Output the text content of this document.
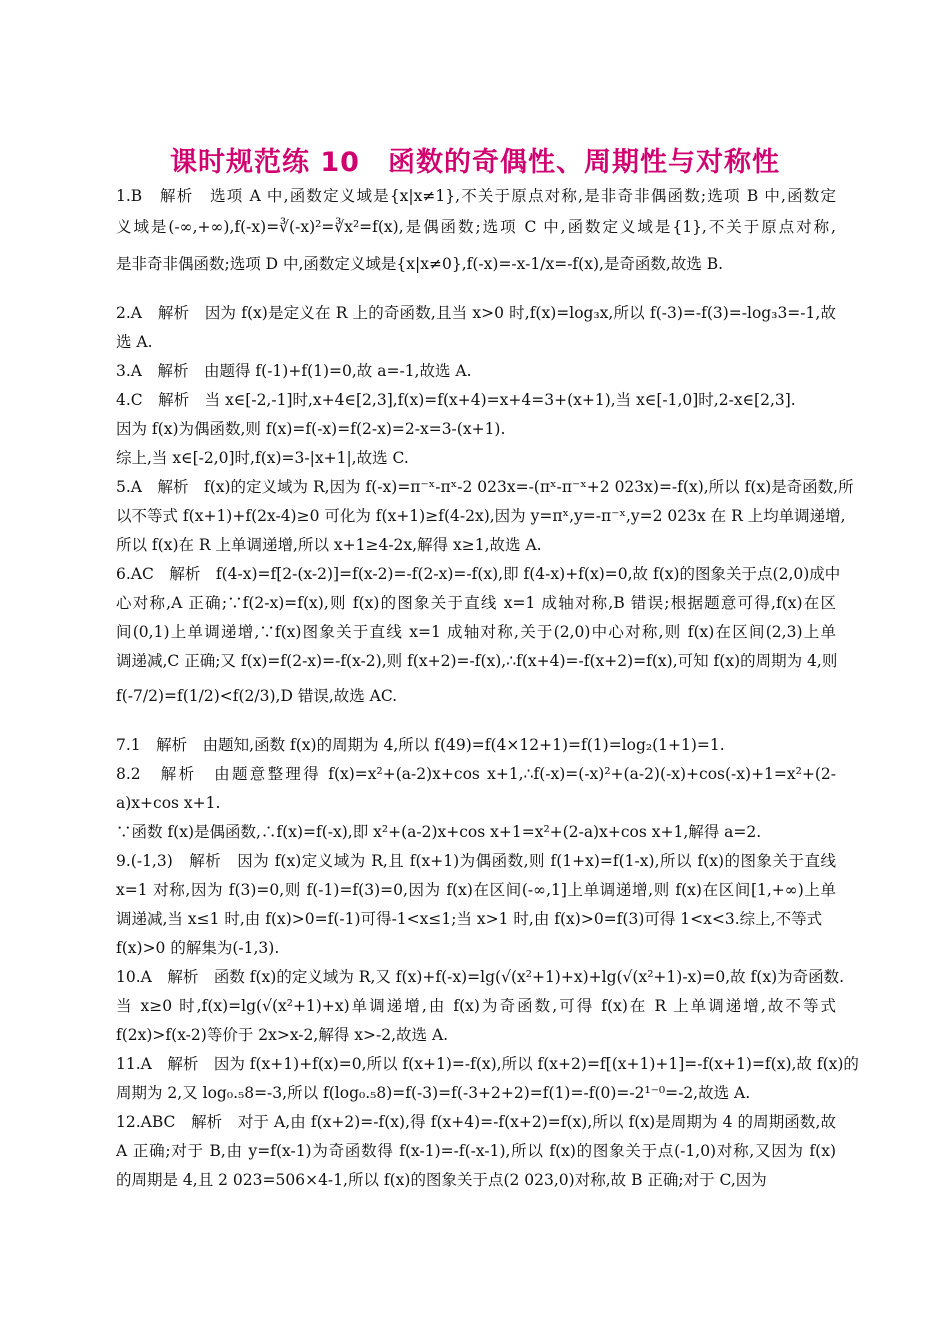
课时规范练 10　函数的奇偶性、周期性与对称性
1.B　解析　选项 A 中,函数定义域是{x|x≠1},不关于原点对称,是非奇非偶函数;选项 B 中,函数定
义域是(-∞,+∞),f(-x)=∛(-x)²=∛x²=f(x),是偶函数;选项 C 中,函数定义域是{1},不关于原点对称,
是非奇非偶函数;选项 D 中,函数定义域是{x|x≠0},f(-x)=-x-1/x=-f(x),是奇函数,故选 B.
2.A　解析　因为 f(x)是定义在 R 上的奇函数,且当 x>0 时,f(x)=log₃x,所以 f(-3)=-f(3)=-log₃3=-1,故
选 A.
3.A　解析　由题得 f(-1)+f(1)=0,故 a=-1,故选 A.
4.C　解析　当 x∈[-2,-1]时,x+4∈[2,3],f(x)=f(x+4)=x+4=3+(x+1),当 x∈[-1,0]时,2-x∈[2,3].
因为 f(x)为偶函数,则 f(x)=f(-x)=f(2-x)=2-x=3-(x+1).
综上,当 x∈[-2,0]时,f(x)=3-|x+1|,故选 C.
5.A　解析　f(x)的定义域为 R,因为 f(-x)=π⁻ˣ-πˣ-2 023x=-(πˣ-π⁻ˣ+2 023x)=-f(x),所以 f(x)是奇函数,所
以不等式 f(x+1)+f(2x-4)≥0 可化为 f(x+1)≥f(4-2x),因为 y=πˣ,y=-π⁻ˣ,y=2 023x 在 R 上均单调递增,
所以 f(x)在 R 上单调递增,所以 x+1≥4-2x,解得 x≥1,故选 A.
6.AC　解析　f(4-x)=f[2-(x-2)]=f(x-2)=-f(2-x)=-f(x),即 f(4-x)+f(x)=0,故 f(x)的图象关于点(2,0)成中
心对称,A 正确;∵f(2-x)=f(x),则 f(x)的图象关于直线 x=1 成轴对称,B 错误;根据题意可得,f(x)在区
间(0,1)上单调递增,∵f(x)图象关于直线 x=1 成轴对称,关于(2,0)中心对称,则 f(x)在区间(2,3)上单
调递减,C 正确;又 f(x)=f(2-x)=-f(x-2),则 f(x+2)=-f(x),∴f(x+4)=-f(x+2)=f(x),可知 f(x)的周期为 4,则
f(-7/2)=f(1/2)<f(2/3),D 错误,故选 AC.
7.1　解析　由题知,函数 f(x)的周期为 4,所以 f(49)=f(4×12+1)=f(1)=log₂(1+1)=1.
8.2　解析　由题意整理得 f(x)=x²+(a-2)x+cos x+1,∴f(-x)=(-x)²+(a-2)(-x)+cos(-x)+1=x²+(2-
a)x+cos x+1.
∵函数 f(x)是偶函数,∴f(x)=f(-x),即 x²+(a-2)x+cos x+1=x²+(2-a)x+cos x+1,解得 a=2.
9.(-1,3)　解析　因为 f(x)定义域为 R,且 f(x+1)为偶函数,则 f(1+x)=f(1-x),所以 f(x)的图象关于直线
x=1 对称,因为 f(3)=0,则 f(-1)=f(3)=0,因为 f(x)在区间(-∞,1]上单调递增,则 f(x)在区间[1,+∞)上单
调递减,当 x≤1 时,由 f(x)>0=f(-1)可得-1<x≤1;当 x>1 时,由 f(x)>0=f(3)可得 1<x<3.综上,不等式
f(x)>0 的解集为(-1,3).
10.A　解析　函数 f(x)的定义域为 R,又 f(x)+f(-x)=lg(√(x²+1)+x)+lg(√(x²+1)-x)=0,故 f(x)为奇函数.
当 x≥0 时,f(x)=lg(√(x²+1)+x)单调递增,由 f(x)为奇函数,可得 f(x)在 R 上单调递增,故不等式
f(2x)>f(x-2)等价于 2x>x-2,解得 x>-2,故选 A.
11.A　解析　因为 f(x+1)+f(x)=0,所以 f(x+1)=-f(x),所以 f(x+2)=f[(x+1)+1]=-f(x+1)=f(x),故 f(x)的
周期为 2,又 log₀.₅8=-3,所以 f(log₀.₅8)=f(-3)=f(-3+2+2)=f(1)=-f(0)=-2¹⁻⁰=-2,故选 A.
12.ABC　解析　对于 A,由 f(x+2)=-f(x),得 f(x+4)=-f(x+2)=f(x),所以 f(x)是周期为 4 的周期函数,故
A 正确;对于 B,由 y=f(x-1)为奇函数得 f(x-1)=-f(-x-1),所以 f(x)的图象关于点(-1,0)对称,又因为 f(x)
的周期是 4,且 2 023=506×4-1,所以 f(x)的图象关于点(2 023,0)对称,故 B 正确;对于 C,因为
